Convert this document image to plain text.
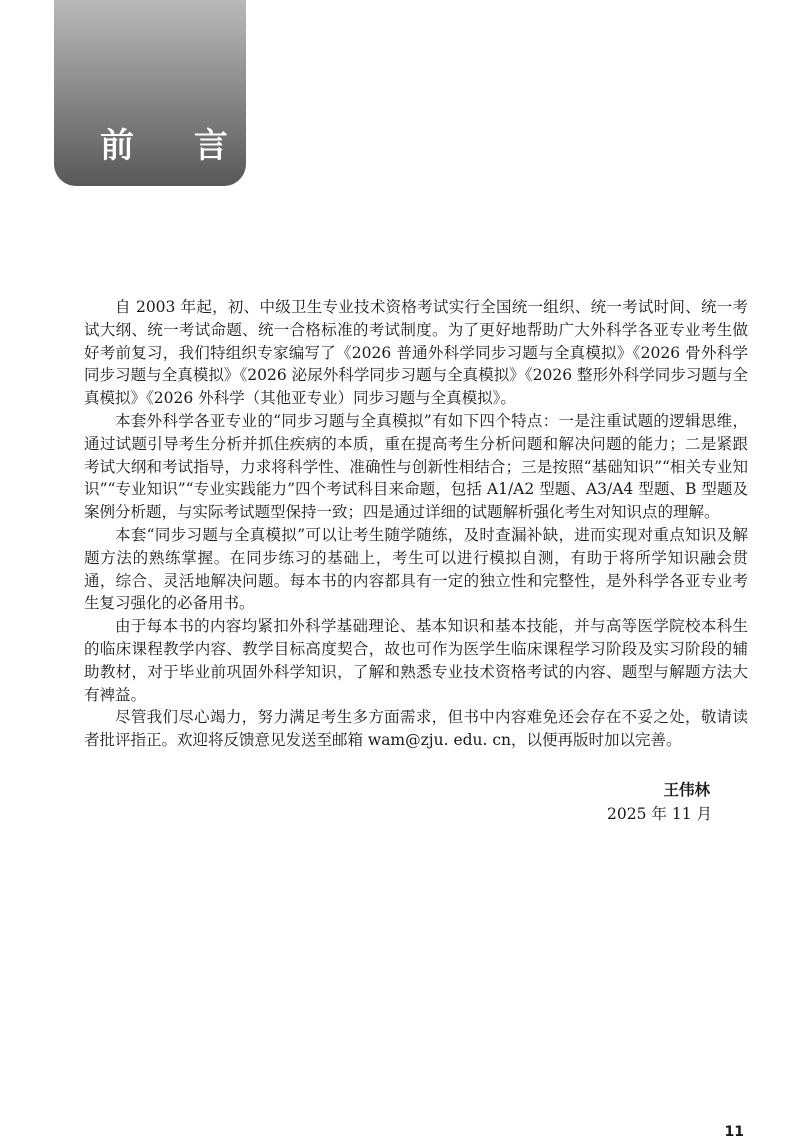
前 言

自 2003 年起，初、中级卫生专业技术资格考试实行全国统一组织、统一考试时间、统一考试大纲、统一考试命题、统一合格标准的考试制度。为了更好地帮助广大外科学各亚专业考生做好考前复习，我们特组织专家编写了《2026 普通外科学同步习题与全真模拟》《2026 骨外科学同步习题与全真模拟》《2026 泌尿外科学同步习题与全真模拟》《2026 整形外科学同步习题与全真模拟》《2026 外科学（其他亚专业）同步习题与全真模拟》。

本套外科学各亚专业的“同步习题与全真模拟”有如下四个特点：一是注重试题的逻辑思维，通过试题引导考生分析并抓住疾病的本质，重在提高考生分析问题和解决问题的能力；二是紧跟考试大纲和考试指导，力求将科学性、准确性与创新性相结合；三是按照“基础知识”“相关专业知识”“专业知识”“专业实践能力”四个考试科目来命题，包括 A1/A2 型题、A3/A4 型题、B 型题及案例分析题，与实际考试题型保持一致；四是通过详细的试题解析强化考生对知识点的理解。

本套“同步习题与全真模拟”可以让考生随学随练，及时查漏补缺，进而实现对重点知识及解题方法的熟练掌握。在同步练习的基础上，考生可以进行模拟自测，有助于将所学知识融会贯通，综合、灵活地解决问题。每本书的内容都具有一定的独立性和完整性，是外科学各亚专业考生复习强化的必备用书。

由于每本书的内容均紧扣外科学基础理论、基本知识和基本技能，并与高等医学院校本科生的临床课程教学内容、教学目标高度契合，故也可作为医学生临床课程学习阶段及实习阶段的辅助教材，对于毕业前巩固外科学知识，了解和熟悉专业技术资格考试的内容、题型与解题方法大有裨益。

尽管我们尽心竭力，努力满足考生多方面需求，但书中内容难免还会存在不妥之处，敬请读者批评指正。欢迎将反馈意见发送至邮箱 wam@zju. edu. cn，以便再版时加以完善。

王伟林
2025 年 11 月
11
